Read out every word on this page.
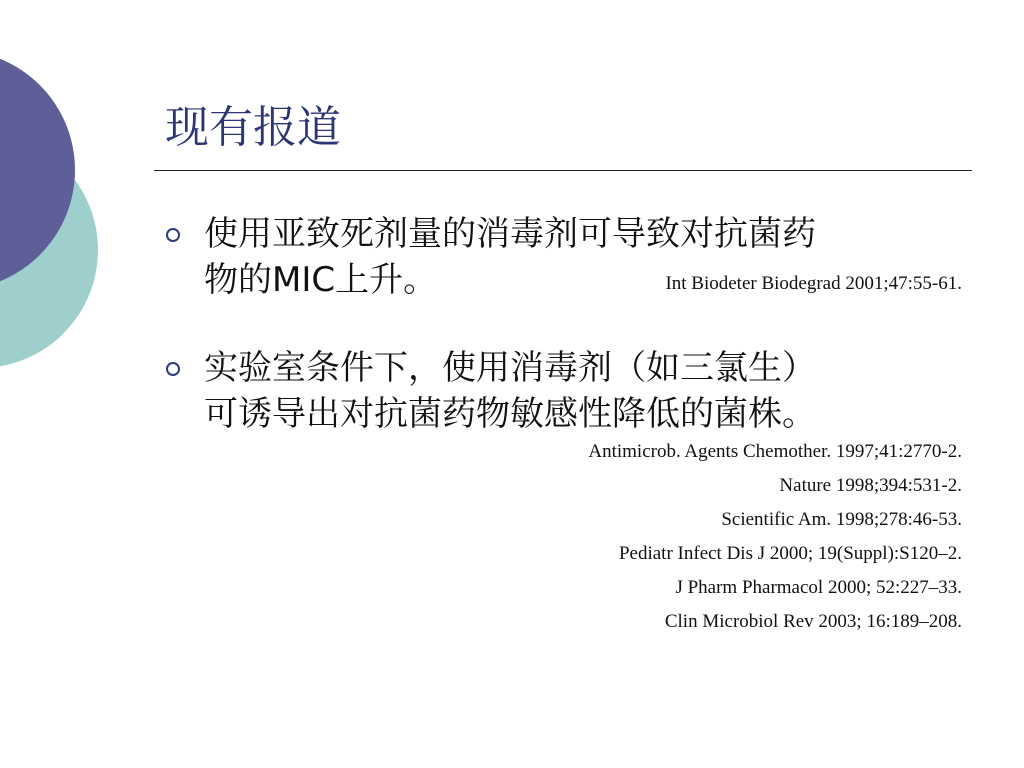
现有报道
使用亚致死剂量的消毒剂可导致对抗菌药
物的MIC上升。	Int Biodeter Biodegrad 2001;47:55-61.
实验室条件下，使用消毒剂（如三氯生）
可诱导出对抗菌药物敏感性降低的菌株。
Antimicrob. Agents Chemother. 1997;41:2770-2.
Nature 1998;394:531-2.
Scientific Am. 1998;278:46-53.
Pediatr Infect Dis J 2000; 19(Suppl):S120–2.
J Pharm Pharmacol 2000; 52:227–33.
Clin Microbiol Rev 2003; 16:189–208.
